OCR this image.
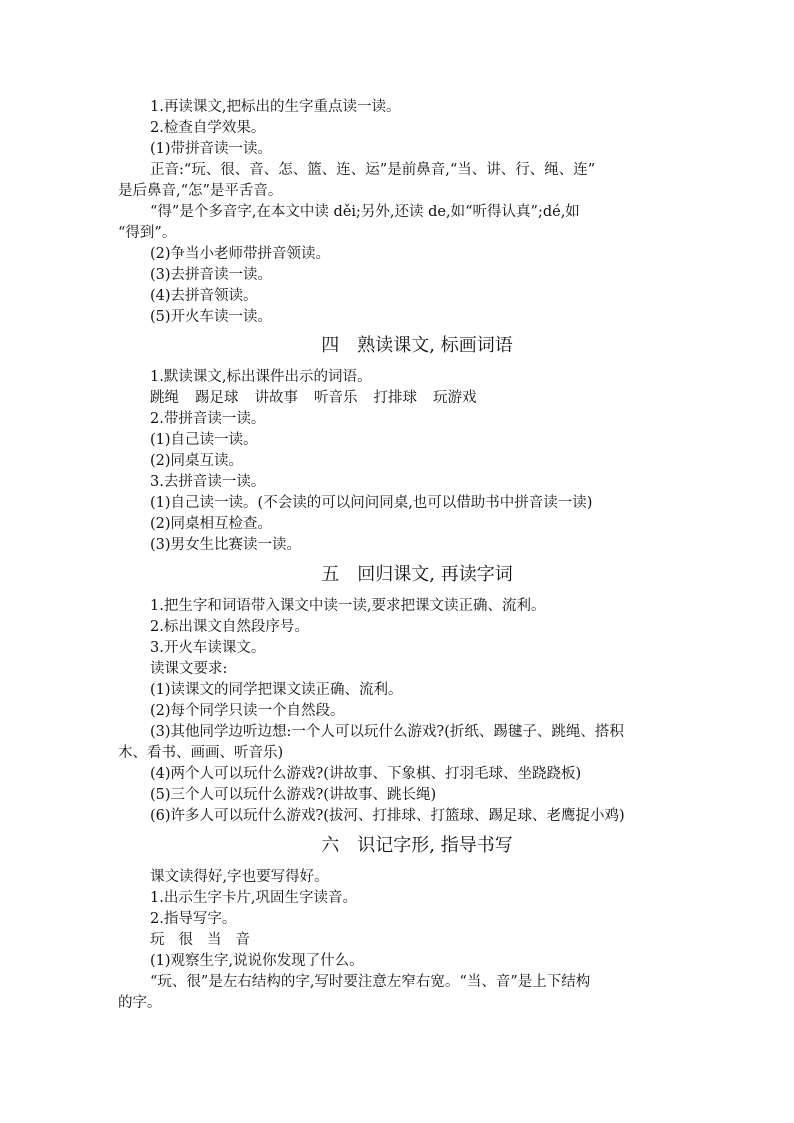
1.再读课文,把标出的生字重点读一读。
2.检查自学效果。
(1)带拼音读一读。
正音:“玩、很、音、怎、篮、连、运”是前鼻音,“当、讲、行、绳、连”
是后鼻音,“怎”是平舌音。
“得”是个多音字,在本文中读 děi;另外,还读 de,如“听得认真”;dé,如
“得到”。
(2)争当小老师带拼音领读。
(3)去拼音读一读。
(4)去拼音领读。
(5)开火车读一读。
四　熟读课文, 标画词语
1.默读课文,标出课件出示的词语。
跳绳 踢足球 讲故事 听音乐 打排球 玩游戏
2.带拼音读一读。
(1)自己读一读。
(2)同桌互读。
3.去拼音读一读。
(1)自己读一读。(不会读的可以问问同桌,也可以借助书中拼音读一读)
(2)同桌相互检查。
(3)男女生比赛读一读。
五　回归课文, 再读字词
1.把生字和词语带入课文中读一读,要求把课文读正确、流利。
2.标出课文自然段序号。
3.开火车读课文。
读课文要求:
(1)读课文的同学把课文读正确、流利。
(2)每个同学只读一个自然段。
(3)其他同学边听边想:一个人可以玩什么游戏?(折纸、踢毽子、跳绳、搭积
木、看书、画画、听音乐)
(4)两个人可以玩什么游戏?(讲故事、下象棋、打羽毛球、坐跷跷板)
(5)三个人可以玩什么游戏?(讲故事、跳长绳)
(6)许多人可以玩什么游戏?(拔河、打排球、打篮球、踢足球、老鹰捉小鸡)
六　识记字形, 指导书写
课文读得好,字也要写得好。
1.出示生字卡片,巩固生字读音。
2.指导写字。
玩 很 当 音
(1)观察生字,说说你发现了什么。
“玩、很”是左右结构的字,写时要注意左窄右宽。“当、音”是上下结构
的字。
